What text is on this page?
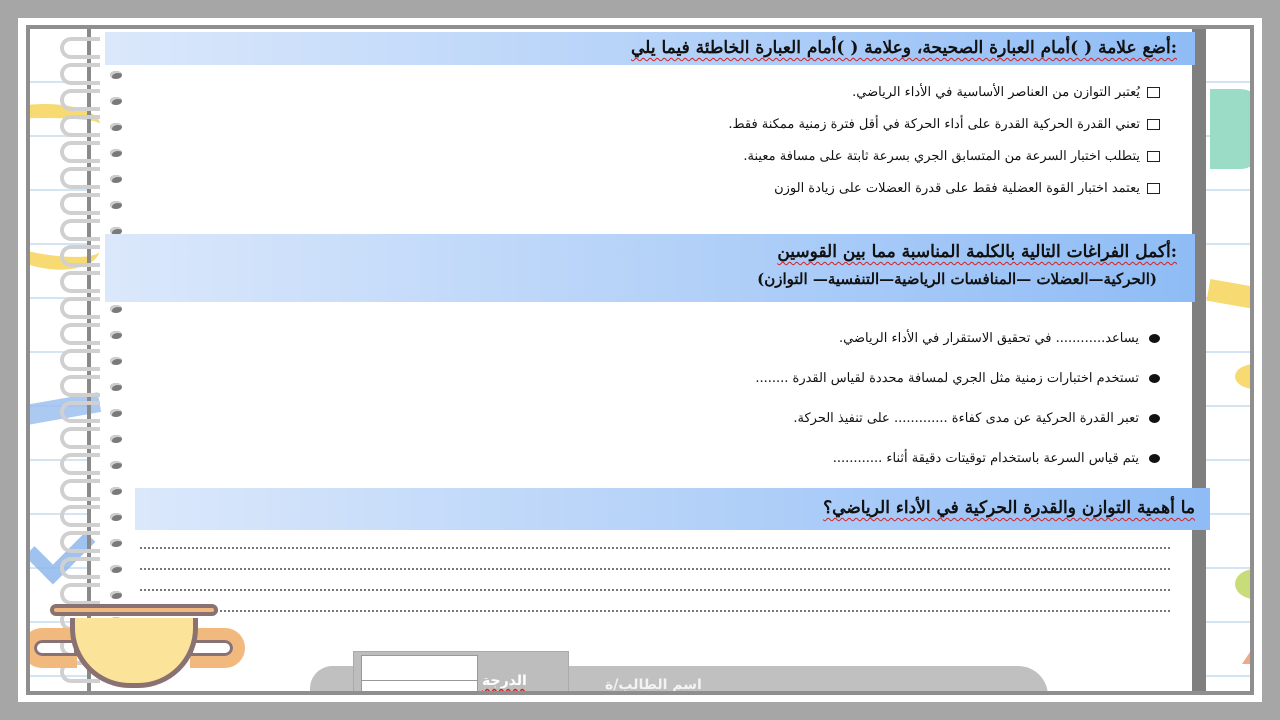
:أضع علامة ( )أمام العبارة الصحيحة، وعلامة ( )أمام العبارة الخاطئة فيما يلي
يُعتبر التوازن من العناصر الأساسية في الأداء الرياضي.
تعني القدرة الحركية القدرة على أداء الحركة في أقل فترة زمنية ممكنة فقط.
يتطلب اختبار السرعة من المتسابق الجري بسرعة ثابتة على مسافة معينة.
يعتمد اختبار القوة العضلية فقط على قدرة العضلات على زيادة الوزن
:أكمل الفراغات التالية بالكلمة المناسبة مما بين القوسين
(الحركية—العضلات —المنافسات الرياضية—التنفسية— التوازن)
يساعد............ في تحقيق الاستقرار في الأداء الرياضي.
تستخدم اختبارات زمنية مثل الجري لمسافة محددة لقياس القدرة ........
تعبر القدرة الحركية عن مدى كفاءة ............. على تنفيذ الحركة.
يتم قياس السرعة باستخدام توقيتات دقيقة أثناء ............
ما أهمية التوازن والقدرة الحركية في الأداء الرياضي؟
اسم الطالب/ة
الدرجة
